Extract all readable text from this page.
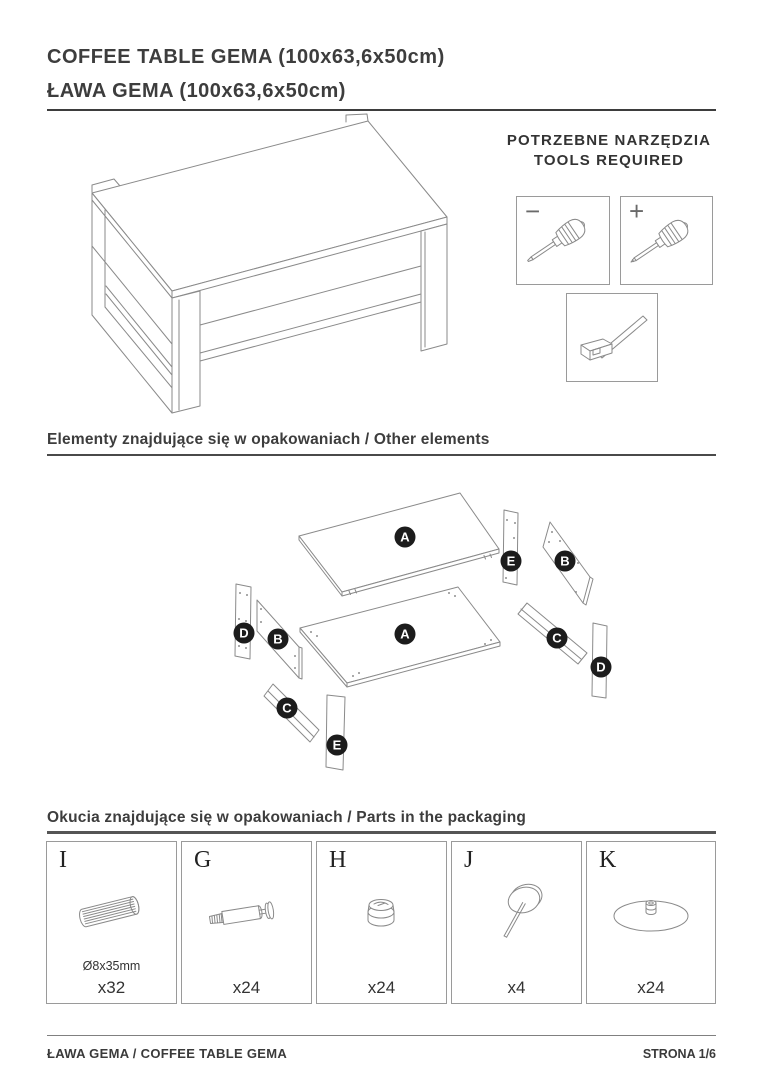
COFFEE TABLE GEMA (100x63,6x50cm)
ŁAWA GEMA (100x63,6x50cm)
POTRZEBNE NARZĘDZIA
TOOLS REQUIRED
−	+
Elementy znajdujące się w opakowaniach / Other elements
A
E	B
D B	A	C
D
C
E
Okucia znajdujące się w opakowaniach / Parts in the packaging
I
Ø8x35mm
x32
G
x24
H
x24
J
x4
K
x24
ŁAWA GEMA / COFFEE TABLE GEMA	STRONA 1/6
